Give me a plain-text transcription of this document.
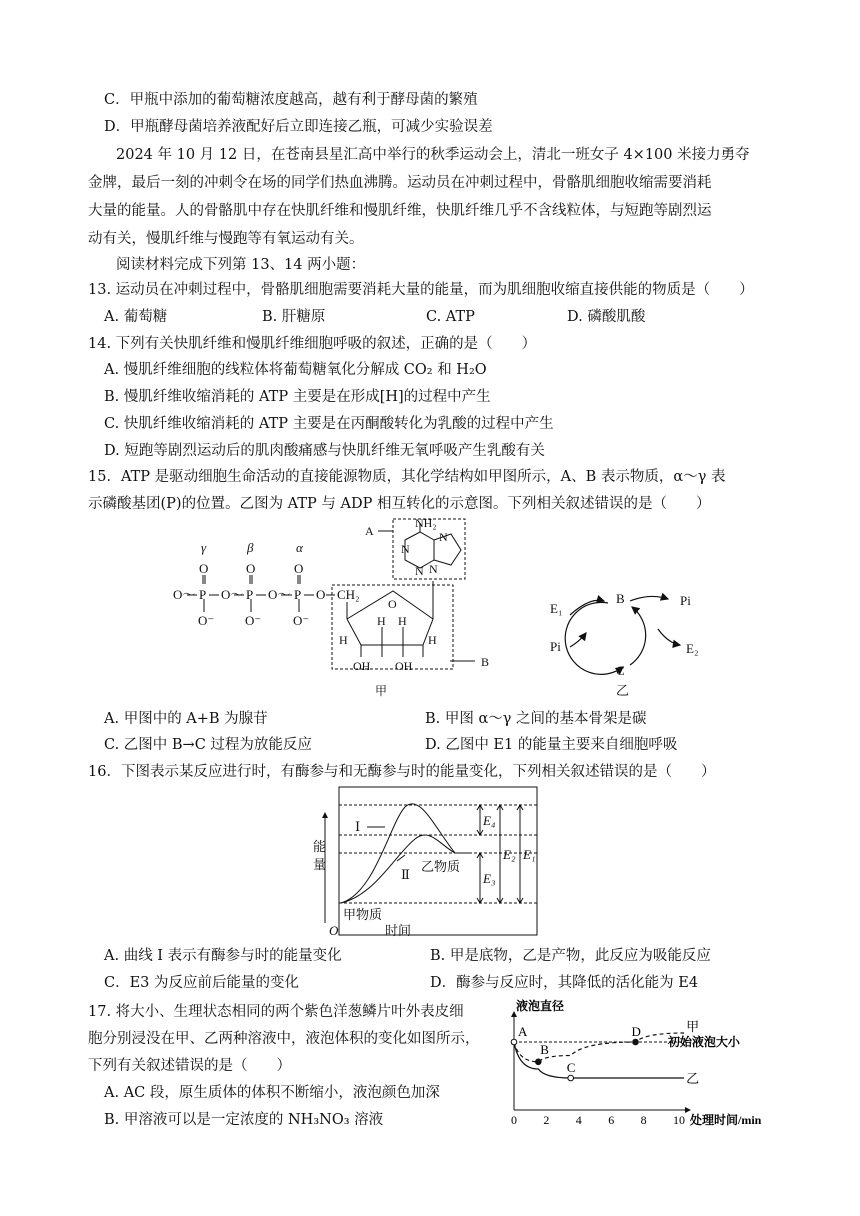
C．甲瓶中添加的葡萄糖浓度越高，越有利于酵母菌的繁殖
D．甲瓶酵母菌培养液配好后立即连接乙瓶，可减少实验误差
2024 年 10 月 12 日，在苍南县星汇高中举行的秋季运动会上，清北一班女子 4×100 米接力勇夺
金牌，最后一刻的冲刺令在场的同学们热血沸腾。运动员在冲刺过程中，骨骼肌细胞收缩需要消耗
大量的能量。人的骨骼肌中存在快肌纤维和慢肌纤维，快肌纤维几乎不含线粒体，与短跑等剧烈运
动有关，慢肌纤维与慢跑等有氧运动有关。
阅读材料完成下列第 13、14 两小题：
13. 运动员在冲刺过程中，骨骼肌细胞需要消耗大量的能量，而为肌细胞收缩直接供能的物质是（　　）
A. 葡萄糖	B. 肝糖原	C. ATP	D. 磷酸肌酸
14. 下列有关快肌纤维和慢肌纤维细胞呼吸的叙述，正确的是（　　）
A. 慢肌纤维细胞的线粒体将葡萄糖氧化分解成 CO₂ 和 H₂O
B. 慢肌纤维收缩消耗的 ATP 主要是在形成[H]的过程中产生
C. 快肌纤维收缩消耗的 ATP 主要是在丙酮酸转化为乳酸的过程中产生
D. 短跑等剧烈运动后的肌肉酸痛感与快肌纤维无氧呼吸产生乳酸有关
15．ATP 是驱动细胞生命活动的直接能源物质，其化学结构如甲图所示，A、B 表示物质，α～γ 表
示磷酸基团(P)的位置。乙图为 ATP 与 ADP 相互转化的示意图。下列相关叙述错误的是（　　）
γ	β	α
O	O	O
O～ P O～ P O～ P O CH₂
O⁻ O⁻ O⁻
A
NH₂
N
N
N N
O
H
H H
H
OH OH	B
甲
E₁
B	Pi
Pi	E₂
C
乙
A. 甲图中的 A+B 为腺苷	B. 甲图 α～γ 之间的基本骨架是碳
C. 乙图中 B→C 过程为放能反应	D. 乙图中 E1 的能量主要来自细胞呼吸
16．下图表示某反应进行时，有酶参与和无酶参与时的能量变化，下列相关叙述错误的是（　　）
能
量
O	时间
Ⅰ
Ⅱ
乙物质
甲物质
E₄
E₃
E₂ E₁
A. 曲线 I 表示有酶参与时的能量变化	B. 甲是底物，乙是产物，此反应为吸能反应
C．E3 为反应前后能量的变化	D．酶参与反应时，其降低的活化能为 E4
17. 将大小、生理状态相同的两个紫色洋葱鳞片叶外表皮细
胞分别浸没在甲、乙两种溶液中，液泡体积的变化如图所示，
下列有关叙述错误的是（　　）
A. AC 段，原生质体的体积不断缩小，液泡颜色加深
B. 甲溶液可以是一定浓度的 NH₃NO₃ 溶液
液泡直径
处理时间/min
0 2 4 6 8 10
初始液泡大小
甲
乙
A
B
C
D
